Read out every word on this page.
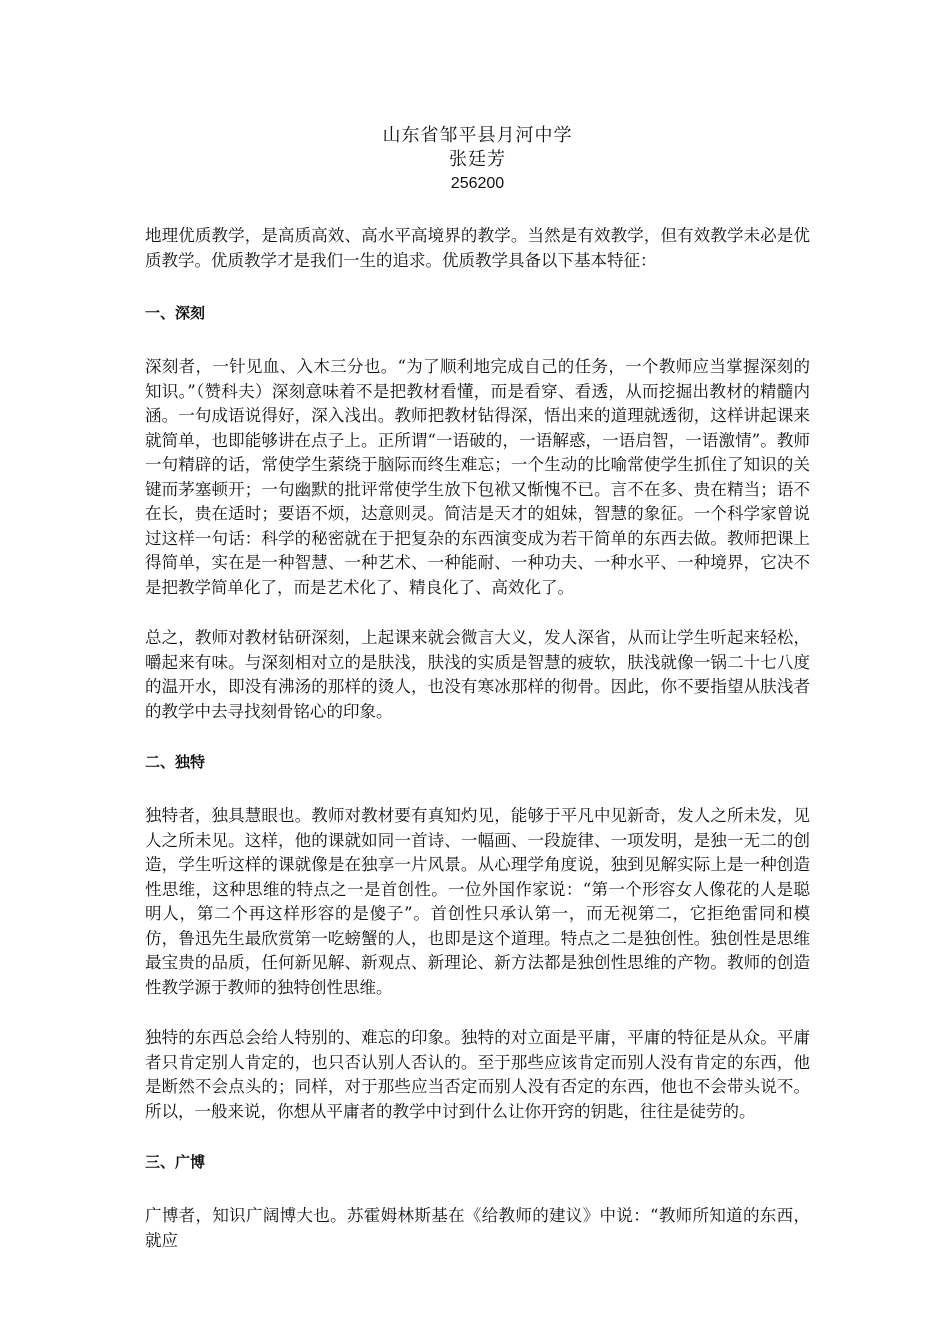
山东省邹平县月河中学
张廷芳
256200

地理优质教学，是高质高效、高水平高境界的教学。当然是有效教学，但有效教学未必是优质教学。优质教学才是我们一生的追求。优质教学具备以下基本特征：

一、深刻

深刻者，一针见血、入木三分也。“为了顺利地完成自己的任务，一个教师应当掌握深刻的知识。”（赞科夫）深刻意味着不是把教材看懂，而是看穿、看透，从而挖掘出教材的精髓内涵。一句成语说得好，深入浅出。教师把教材钻得深，悟出来的道理就透彻，这样讲起课来就简单，也即能够讲在点子上。正所谓“一语破的，一语解惑，一语启智，一语激情”。教师一句精辟的话，常使学生萦绕于脑际而终生难忘；一个生动的比喻常使学生抓住了知识的关键而茅塞顿开；一句幽默的批评常使学生放下包袱又惭愧不已。言不在多、贵在精当；语不在长，贵在适时；要语不烦，达意则灵。简洁是天才的姐妹，智慧的象征。一个科学家曾说过这样一句话：科学的秘密就在于把复杂的东西演变成为若干简单的东西去做。教师把课上得简单，实在是一种智慧、一种艺术、一种能耐、一种功夫、一种水平、一种境界，它决不是把教学简单化了，而是艺术化了、精良化了、高效化了。

总之，教师对教材钻研深刻，上起课来就会微言大义，发人深省，从而让学生听起来轻松，嚼起来有味。与深刻相对立的是肤浅，肤浅的实质是智慧的疲软，肤浅就像一锅二十七八度的温开水，即没有沸汤的那样的烫人，也没有寒冰那样的彻骨。因此，你不要指望从肤浅者的教学中去寻找刻骨铭心的印象。

二、独特

独特者，独具慧眼也。教师对教材要有真知灼见，能够于平凡中见新奇，发人之所未发，见人之所未见。这样，他的课就如同一首诗、一幅画、一段旋律、一项发明，是独一无二的创造，学生听这样的课就像是在独享一片风景。从心理学角度说，独到见解实际上是一种创造性思维，这种思维的特点之一是首创性。一位外国作家说：“第一个形容女人像花的人是聪明人，第二个再这样形容的是傻子”。首创性只承认第一，而无视第二，它拒绝雷同和模仿，鲁迅先生最欣赏第一吃螃蟹的人，也即是这个道理。特点之二是独创性。独创性是思维最宝贵的品质，任何新见解、新观点、新理论、新方法都是独创性思维的产物。教师的创造性教学源于教师的独特创性思维。

独特的东西总会给人特别的、难忘的印象。独特的对立面是平庸，平庸的特征是从众。平庸者只肯定别人肯定的，也只否认别人否认的。至于那些应该肯定而别人没有肯定的东西，他是断然不会点头的；同样，对于那些应当否定而别人没有否定的东西，他也不会带头说不。所以，一般来说，你想从平庸者的教学中讨到什么让你开窍的钥匙，往往是徒劳的。

三、广博

广博者，知识广阔博大也。苏霍姆林斯基在《给教师的建议》中说：“教师所知道的东西，就应
